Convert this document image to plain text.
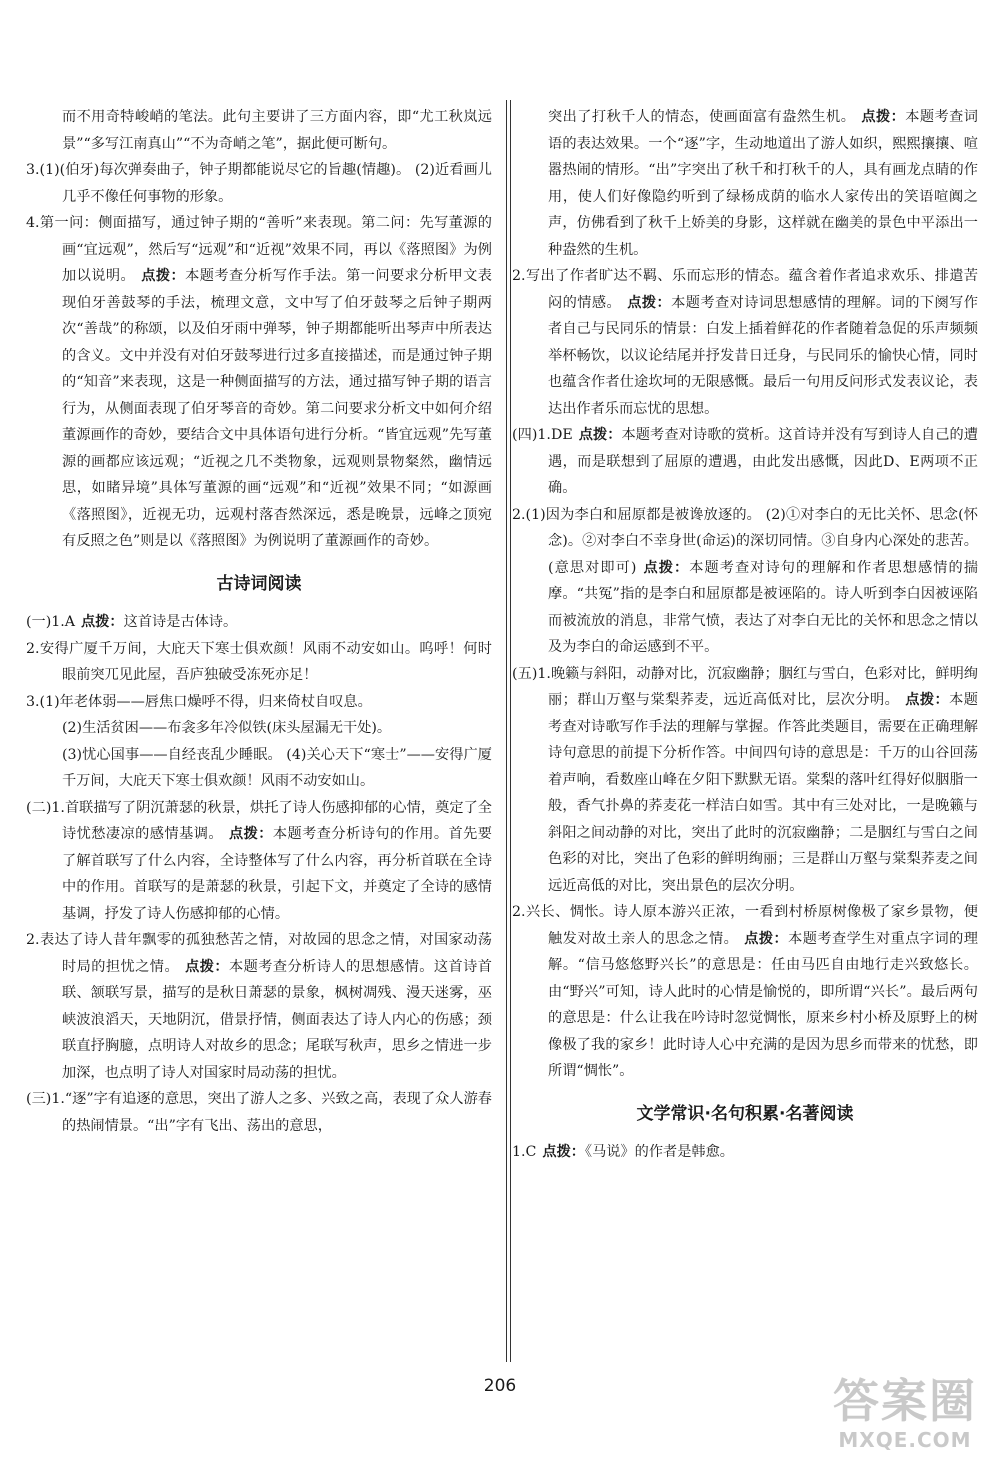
而不用奇特峻峭的笔法。此句主要讲了三方面内容，即“尤工秋岚远景”“多写江南真山”“不为奇峭之笔”，据此便可断句。

3.(1)(伯牙)每次弹奏曲子，钟子期都能说尽它的旨趣(情趣)。 (2)近看画儿几乎不像任何事物的形象。

4.第一问：侧面描写，通过钟子期的“善听”来表现。第二问：先写董源的画“宜远观”，然后写“远观”和“近视”效果不同，再以《落照图》为例加以说明。 点拨：本题考查分析写作手法。第一问要求分析甲文表现伯牙善鼓琴的手法，梳理文意，文中写了伯牙鼓琴之后钟子期两次“善哉”的称颂，以及伯牙雨中弹琴，钟子期都能听出琴声中所表达的含义。文中并没有对伯牙鼓琴进行过多直接描述，而是通过钟子期的“知音”来表现，这是一种侧面描写的方法，通过描写钟子期的语言行为，从侧面表现了伯牙琴音的奇妙。第二问要求分析文中如何介绍董源画作的奇妙，要结合文中具体语句进行分析。“皆宜远观”先写董源的画都应该远观；“近视之几不类物象，远观则景物粲然，幽情远思，如睹异境”具体写董源的画“远观”和“近视”效果不同；“如源画《落照图》，近视无功，远观村落杳然深远，悉是晚景，远峰之顶宛有反照之色”则是以《落照图》为例说明了董源画作的奇妙。

古诗词阅读

(一)1.A 点拨：这首诗是古体诗。

2.安得广厦千万间，大庇天下寒士俱欢颜！风雨不动安如山。呜呼！何时眼前突兀见此屋，吾庐独破受冻死亦足！

3.(1)年老体弱——唇焦口燥呼不得，归来倚杖自叹息。

(2)生活贫困——布衾多年冷似铁(床头屋漏无干处)。

(3)忧心国事——自经丧乱少睡眠。 (4)关心天下“寒士”——安得广厦千万间，大庇天下寒士俱欢颜！风雨不动安如山。

(二)1.首联描写了阴沉萧瑟的秋景，烘托了诗人伤感抑郁的心情，奠定了全诗忧愁凄凉的感情基调。 点拨：本题考查分析诗句的作用。首先要了解首联写了什么内容，全诗整体写了什么内容，再分析首联在全诗中的作用。首联写的是萧瑟的秋景，引起下文，并奠定了全诗的感情基调，抒发了诗人伤感抑郁的心情。

2.表达了诗人昔年飘零的孤独愁苦之情，对故园的思念之情，对国家动荡时局的担忧之情。 点拨：本题考查分析诗人的思想感情。这首诗首联、颔联写景，描写的是秋日萧瑟的景象，枫树凋残、漫天迷雾，巫峡波浪滔天，天地阴沉，借景抒情，侧面表达了诗人内心的伤感；颈联直抒胸臆，点明诗人对故乡的思念；尾联写秋声，思乡之情进一步加深，也点明了诗人对国家时局动荡的担忧。

(三)1.“逐”字有追逐的意思，突出了游人之多、兴致之高，表现了众人游春的热闹情景。“出”字有飞出、荡出的意思，

突出了打秋千人的情态，使画面富有盎然生机。 点拨：本题考查词语的表达效果。一个“逐”字，生动地道出了游人如织，熙熙攘攘、喧嚣热闹的情形。“出”字突出了秋千和打秋千的人，具有画龙点睛的作用，使人们好像隐约听到了绿杨成荫的临水人家传出的笑语喧阗之声，仿佛看到了秋千上娇美的身影，这样就在幽美的景色中平添出一种盎然的生机。

2.写出了作者旷达不羁、乐而忘形的情态。蕴含着作者追求欢乐、排遣苦闷的情感。 点拨：本题考查对诗词思想感情的理解。词的下阕写作者自己与民同乐的情景：白发上插着鲜花的作者随着急促的乐声频频举杯畅饮，以议论结尾并抒发昔日迁身，与民同乐的愉快心情，同时也蕴含作者仕途坎坷的无限感慨。最后一句用反问形式发表议论，表达出作者乐而忘忧的思想。

(四)1.DE 点拨：本题考查对诗歌的赏析。这首诗并没有写到诗人自己的遭遇，而是联想到了屈原的遭遇，由此发出感慨，因此D、E两项不正确。

2.(1)因为李白和屈原都是被谗放逐的。 (2)①对李白的无比关怀、思念(怀念)。②对李白不幸身世(命运)的深切同情。③自身内心深处的悲苦。(意思对即可) 点拨：本题考查对诗句的理解和作者思想感情的揣摩。“共冤”指的是李白和屈原都是被诬陷的。诗人听到李白因被诬陷而被流放的消息，非常气愤，表达了对李白无比的关怀和思念之情以及为李白的命运感到不平。

(五)1.晚籁与斜阳，动静对比，沉寂幽静；胭红与雪白，色彩对比，鲜明绚丽；群山万壑与棠梨荞麦，远近高低对比，层次分明。 点拨：本题考查对诗歌写作手法的理解与掌握。作答此类题目，需要在正确理解诗句意思的前提下分析作答。中间四句诗的意思是：千万的山谷回荡着声响，看数座山峰在夕阳下默默无语。棠梨的落叶红得好似胭脂一般，香气扑鼻的荞麦花一样洁白如雪。其中有三处对比，一是晚籁与斜阳之间动静的对比，突出了此时的沉寂幽静；二是胭红与雪白之间色彩的对比，突出了色彩的鲜明绚丽；三是群山万壑与棠梨荞麦之间远近高低的对比，突出景色的层次分明。

2.兴长、惆怅。诗人原本游兴正浓，一看到村桥原树像极了家乡景物，便触发对故土亲人的思念之情。 点拨：本题考查学生对重点字词的理解。“信马悠悠野兴长”的意思是：任由马匹自由地行走兴致悠长。由“野兴”可知，诗人此时的心情是愉悦的，即所谓“兴长”。最后两句的意思是：什么让我在吟诗时忽觉惆怅，原来乡村小桥及原野上的树像极了我的家乡！此时诗人心中充满的是因为思乡而带来的忧愁，即所谓“惆怅”。

文学常识·名句积累·名著阅读

1.C 点拨：《马说》的作者是韩愈。

206	答案圈
MXQE.COM
